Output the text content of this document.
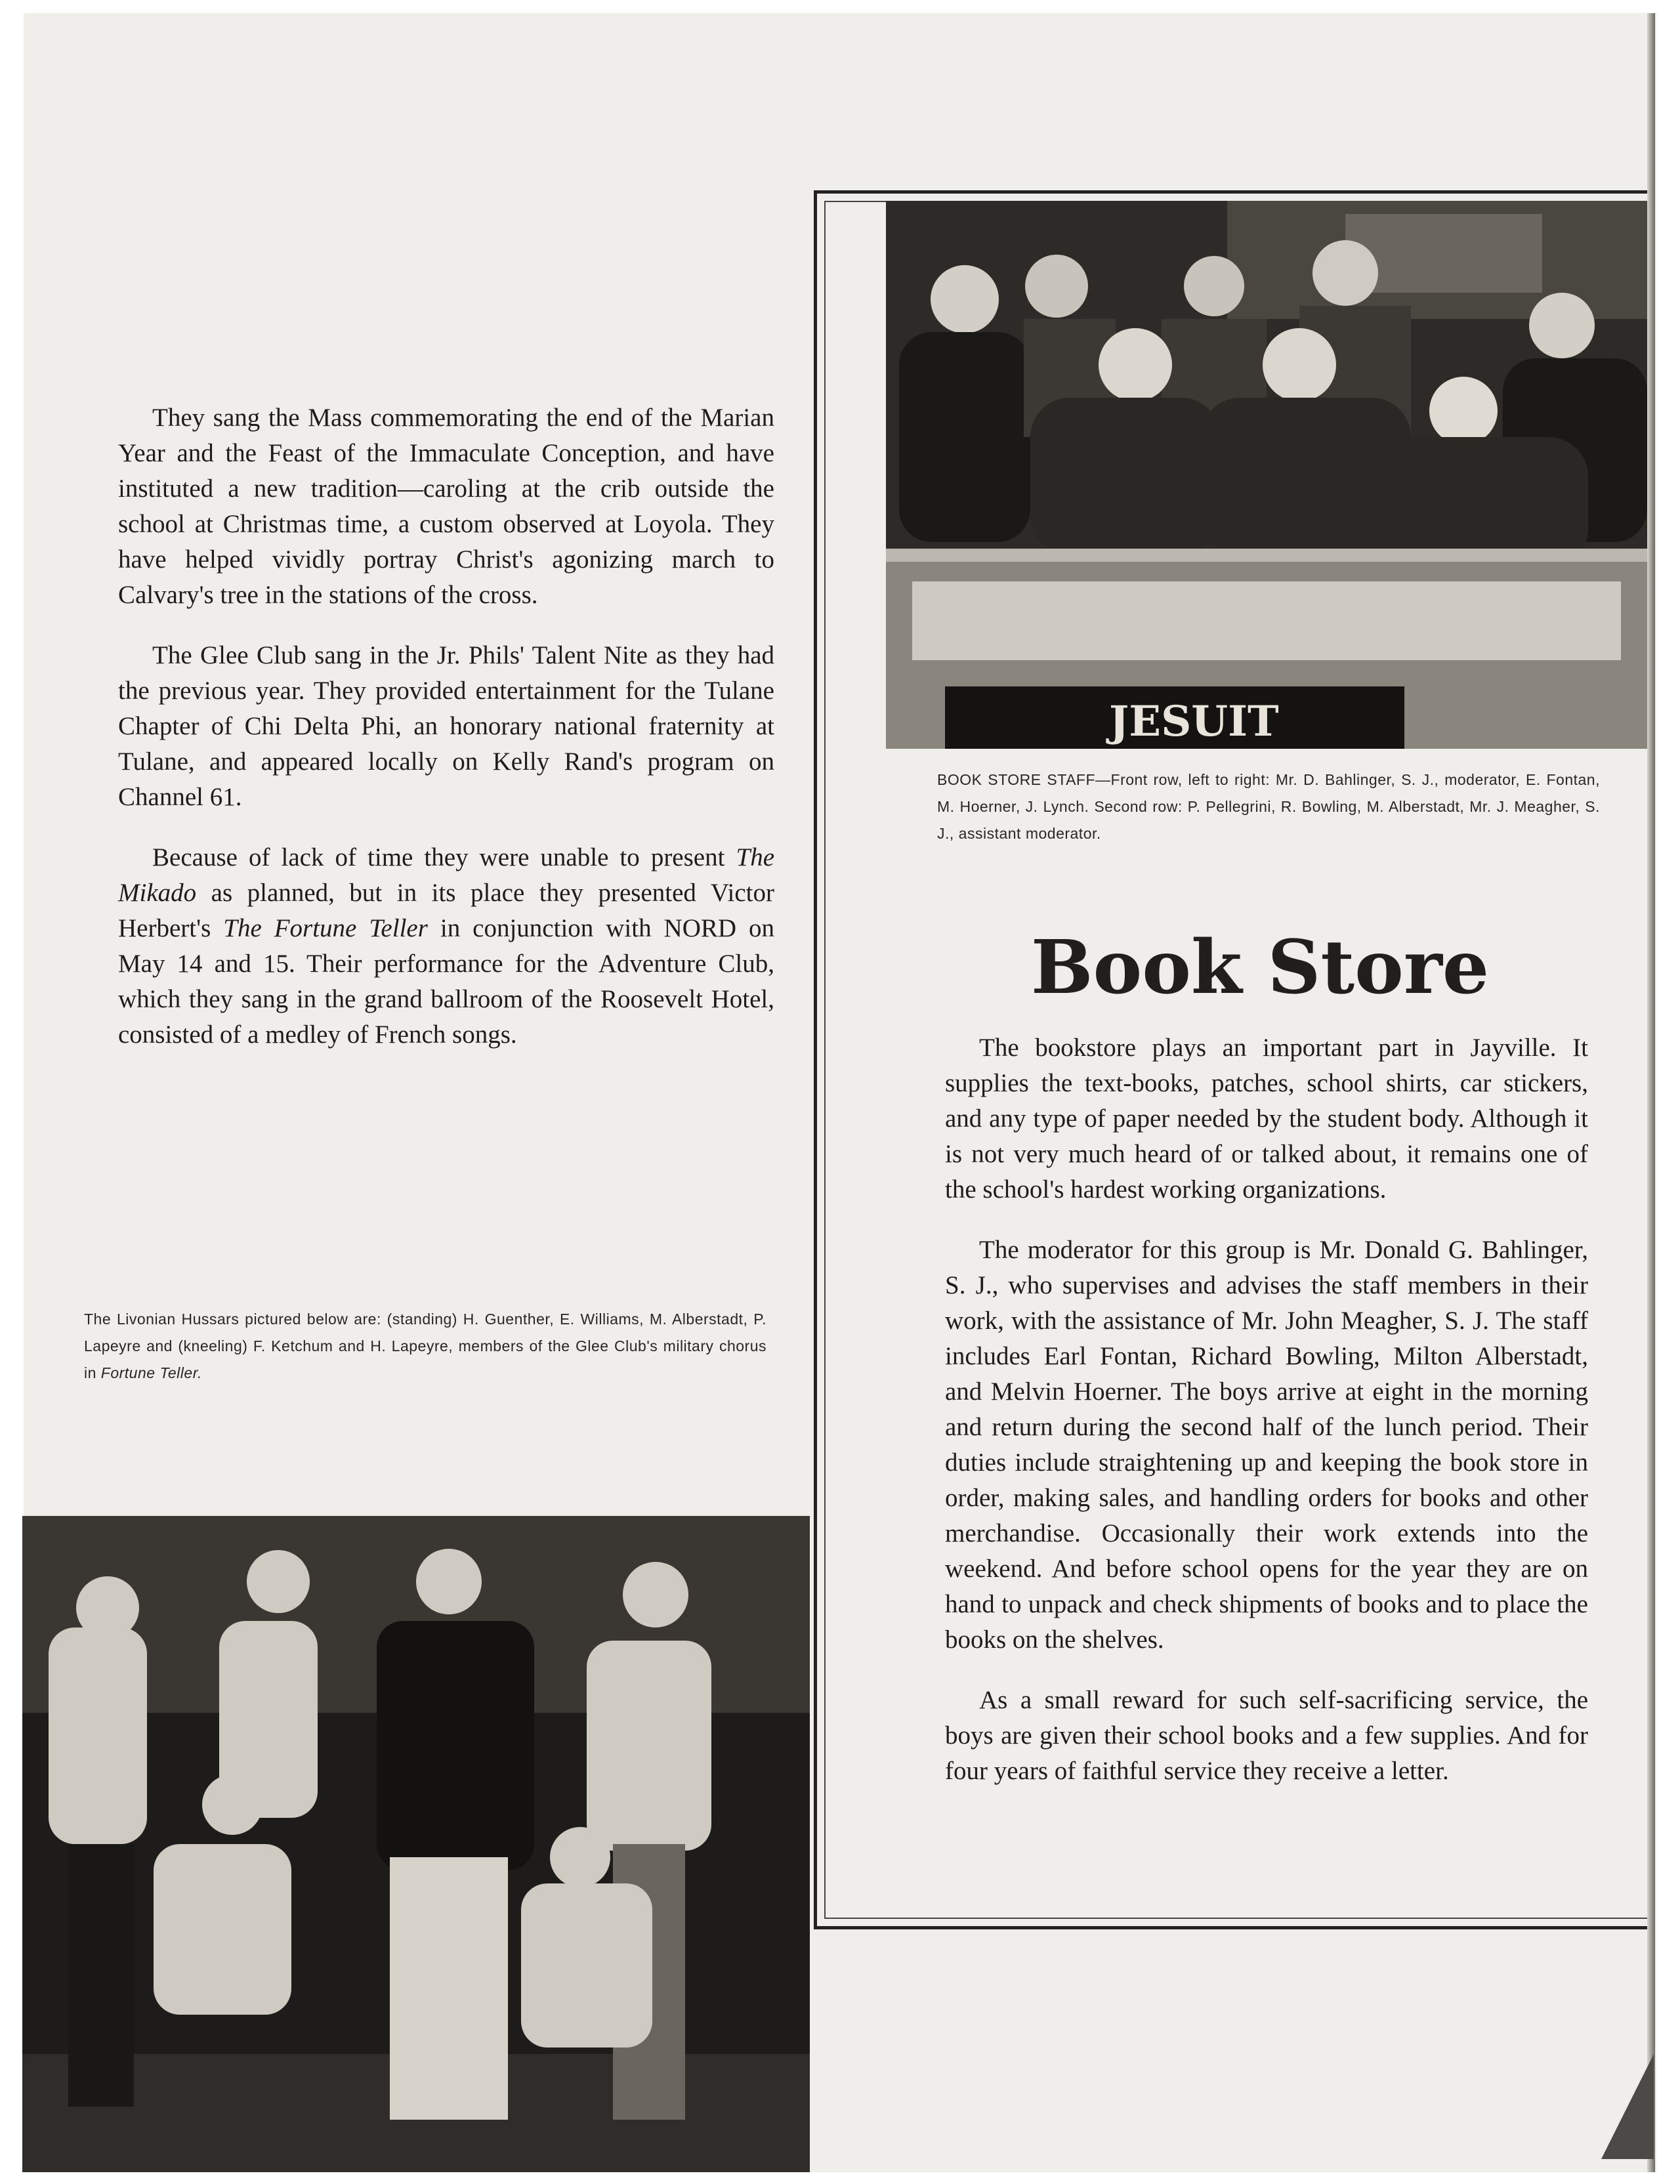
They sang the Mass commemorating the end of the Marian Year and the Feast of the Immaculate Conception, and have instituted a new tradition—caroling at the crib outside the school at Christmas time, a custom observed at Loyola. They have helped vividly portray Christ's agonizing march to Calvary's tree in the stations of the cross.

The Glee Club sang in the Jr. Phils' Talent Nite as they had the previous year. They provided entertainment for the Tulane Chapter of Chi Delta Phi, an honorary national fraternity at Tulane, and appeared locally on Kelly Rand's program on Channel 61.

Because of lack of time they were unable to present The Mikado as planned, but in its place they presented Victor Herbert's The Fortune Teller in conjunction with NORD on May 14 and 15. Their performance for the Adventure Club, which they sang in the grand ballroom of the Roosevelt Hotel, consisted of a medley of French songs.

The Livonian Hussars pictured below are: (standing) H. Guenther, E. Williams, M. Alberstadt, P. Lapeyre and (kneeling) F. Ketchum and H. Lapeyre, members of the Glee Club's military chorus in Fortune Teller.
JESUIT
BOOK STORE STAFF—Front row, left to right: Mr. D. Bahlinger, S. J., moderator, E. Fontan, M. Hoerner, J. Lynch. Second row: P. Pellegrini, R. Bowling, M. Alberstadt, Mr. J. Meagher, S. J., assistant moderator.
Book Store

The bookstore plays an important part in Jayville. It supplies the text-books, patches, school shirts, car stickers, and any type of paper needed by the student body. Although it is not very much heard of or talked about, it remains one of the school's hardest working organizations.

The moderator for this group is Mr. Donald G. Bahlinger, S. J., who supervises and advises the staff members in their work, with the assistance of Mr. John Meagher, S. J. The staff includes Earl Fontan, Richard Bowling, Milton Alberstadt, and Melvin Hoerner. The boys arrive at eight in the morning and return during the second half of the lunch period. Their duties include straightening up and keeping the book store in order, making sales, and handling orders for books and other merchandise. Occasionally their work extends into the weekend. And before school opens for the year they are on hand to unpack and check shipments of books and to place the books on the shelves.

As a small reward for such self-sacrificing service, the boys are given their school books and a few supplies. And for four years of faithful service they receive a letter.
